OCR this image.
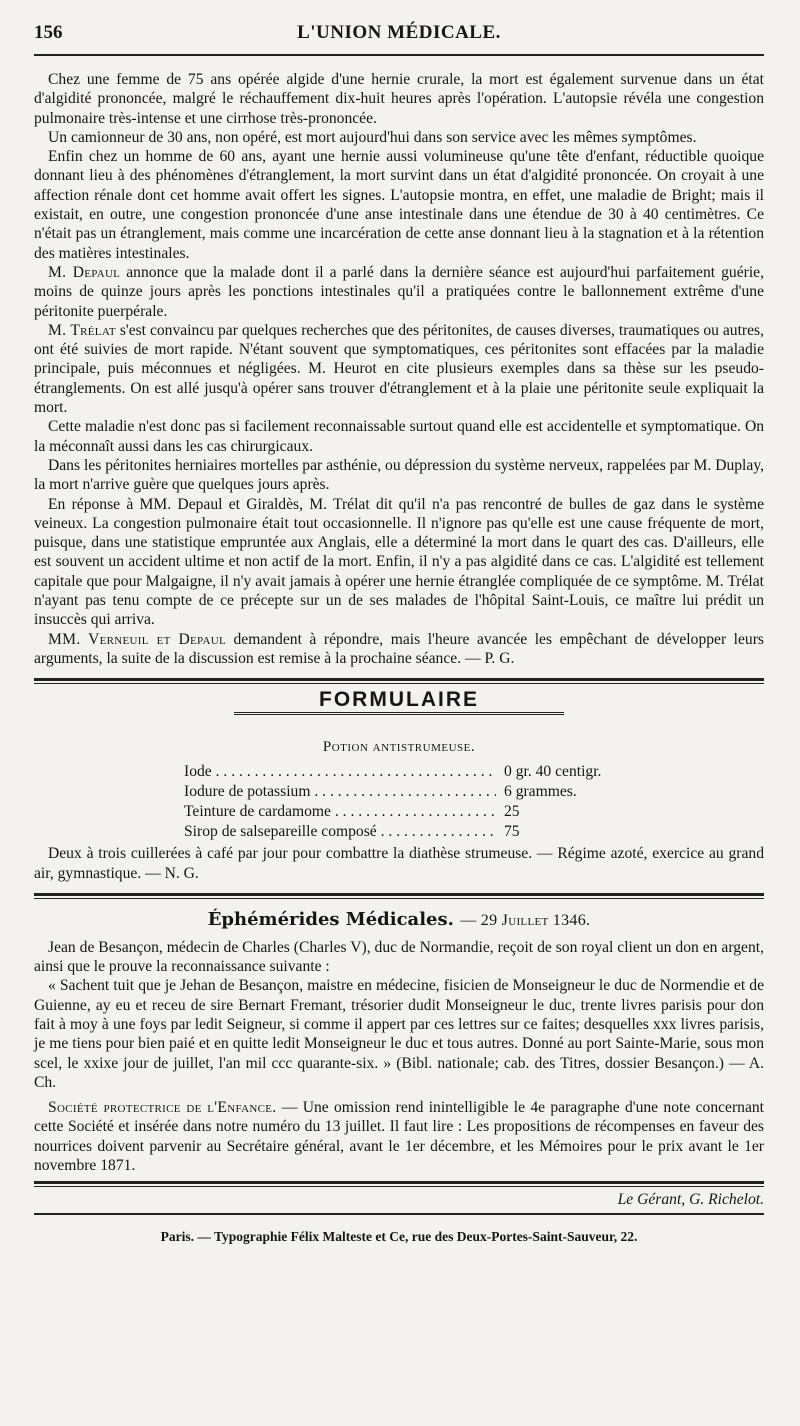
156	L'UNION MÉDICALE.

Chez une femme de 75 ans opérée algide d'une hernie crurale, la mort est également survenue dans un état d'algidité prononcée, malgré le réchauffement dix-huit heures après l'opération. L'autopsie révéla une congestion pulmonaire très-intense et une cirrhose très-prononcée.

Un camionneur de 30 ans, non opéré, est mort aujourd'hui dans son service avec les mêmes symptômes.

Enfin chez un homme de 60 ans, ayant une hernie aussi volumineuse qu'une tête d'enfant, réductible quoique donnant lieu à des phénomènes d'étranglement, la mort survint dans un état d'algidité prononcée. On croyait à une affection rénale dont cet homme avait offert les signes. L'autopsie montra, en effet, une maladie de Bright; mais il existait, en outre, une congestion prononcée d'une anse intestinale dans une étendue de 30 à 40 centimètres. Ce n'était pas un étranglement, mais comme une incarcération de cette anse donnant lieu à la stagnation et à la rétention des matières intestinales.

M. Depaul annonce que la malade dont il a parlé dans la dernière séance est aujourd'hui parfaitement guérie, moins de quinze jours après les ponctions intestinales qu'il a pratiquées contre le ballonnement extrême d'une péritonite puerpérale.

M. Trélat s'est convaincu par quelques recherches que des péritonites, de causes diverses, traumatiques ou autres, ont été suivies de mort rapide. N'étant souvent que symptomatiques, ces péritonites sont effacées par la maladie principale, puis méconnues et négligées. M. Heurot en cite plusieurs exemples dans sa thèse sur les pseudo-étranglements. On est allé jusqu'à opérer sans trouver d'étranglement et à la plaie une péritonite seule expliquait la mort.

Cette maladie n'est donc pas si facilement reconnaissable surtout quand elle est accidentelle et symptomatique. On la méconnaît aussi dans les cas chirurgicaux.

Dans les péritonites herniaires mortelles par asthénie, ou dépression du système nerveux, rappelées par M. Duplay, la mort n'arrive guère que quelques jours après.

En réponse à MM. Depaul et Giraldès, M. Trélat dit qu'il n'a pas rencontré de bulles de gaz dans le système veineux. La congestion pulmonaire était tout occasionnelle. Il n'ignore pas qu'elle est une cause fréquente de mort, puisque, dans une statistique empruntée aux Anglais, elle a déterminé la mort dans le quart des cas. D'ailleurs, elle est souvent un accident ultime et non actif de la mort. Enfin, il n'y a pas algidité dans ce cas. L'algidité est tellement capitale que pour Malgaigne, il n'y avait jamais à opérer une hernie étranglée compliquée de ce symptôme. M. Trélat n'ayant pas tenu compte de ce précepte sur un de ses malades de l'hôpital Saint-Louis, ce maître lui prédit un insuccès qui arriva.

MM. Verneuil et Depaul demandent à répondre, mais l'heure avancée les empêchant de développer leurs arguments, la suite de la discussion est remise à la prochaine séance. — P. G.

FORMULAIRE
Potion antistrumeuse.
Iode . . .	0 gr. 40 centigr.
Iodure de potassium . . .	6 grammes.
Teinture de cardamome . . .	25
Sirop de salsepareille composé . . .	75

Deux à trois cuillerées à café par jour pour combattre la diathèse strumeuse. — Régime azoté, exercice au grand air, gymnastique. — N. G.

Éphémérides Médicales. — 29 Juillet 1346.

Jean de Besançon, médecin de Charles (Charles V), duc de Normandie, reçoit de son royal client un don en argent, ainsi que le prouve la reconnaissance suivante :

« Sachent tuit que je Jehan de Besançon, maistre en médecine, fisicien de Monseigneur le duc de Normendie et de Guienne, ay eu et receu de sire Bernart Fremant, trésorier dudit Monseigneur le duc, trente livres parisis pour don fait à moy à une foys par ledit Seigneur, si comme il appert par ces lettres sur ce faites; desquelles xxx livres parisis, je me tiens pour bien paié et en quitte ledit Monseigneur le duc et tous autres. Donné au port Sainte-Marie, sous mon scel, le xxixe jour de juillet, l'an mil ccc quarante-six. » (Bibl. nationale; cab. des Titres, dossier Besançon.) — A. Ch.

Société protectrice de l'Enfance. — Une omission rend inintelligible le 4e paragraphe d'une note concernant cette Société et insérée dans notre numéro du 13 juillet. Il faut lire : Les propositions de récompenses en faveur des nourrices doivent parvenir au Secrétaire général, avant le 1er décembre, et les Mémoires pour le prix avant le 1er novembre 1871.

Le Gérant, G. Richelot.
Paris. — Typographie Félix Malteste et Ce, rue des Deux-Portes-Saint-Sauveur, 22.
